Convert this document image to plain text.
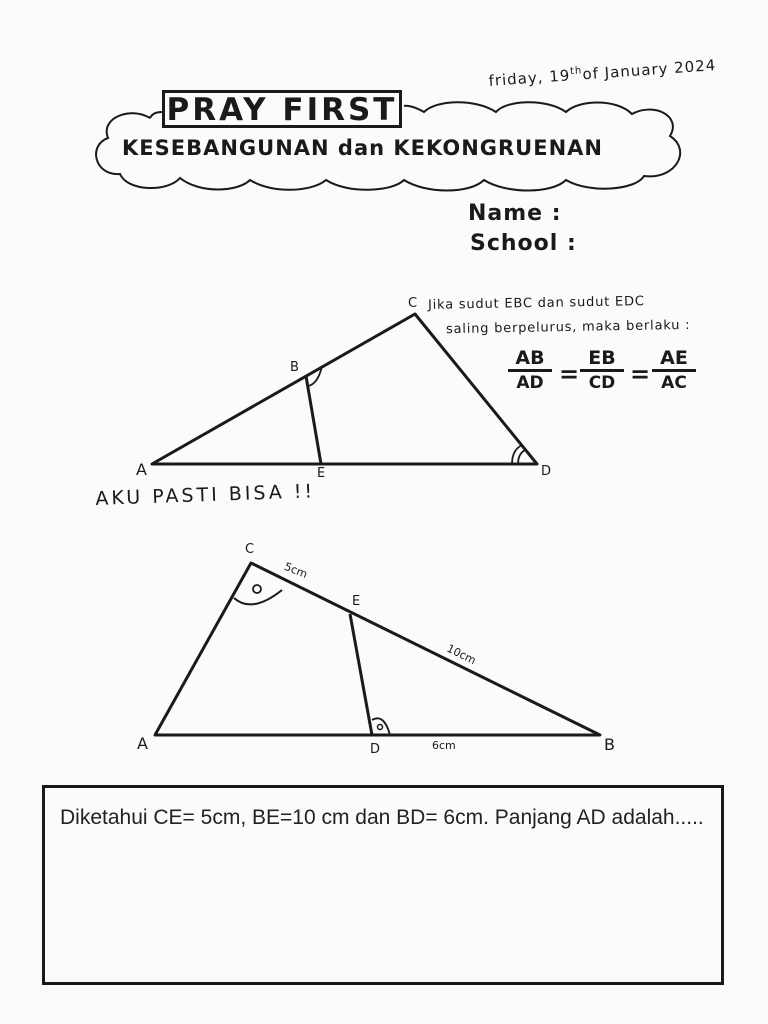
friday, 19thof January 2024
PRAY FIRST
KESEBANGUNAN dan KEKONGRUENAN
Name :
School :
A
B
C
D
E
Jika sudut EBC dan sudut EDC
saling berpelurus, maka berlaku :
$\frac{AB}{AD} = \frac{EB}{CD} = \frac{AE}{AC}$
AKU PASTI BISA !!
A	B
C
D
E
5cm
10cm
6cm
Diketahui CE= 5cm, BE=10 cm dan BD= 6cm. Panjang AD adalah.....
